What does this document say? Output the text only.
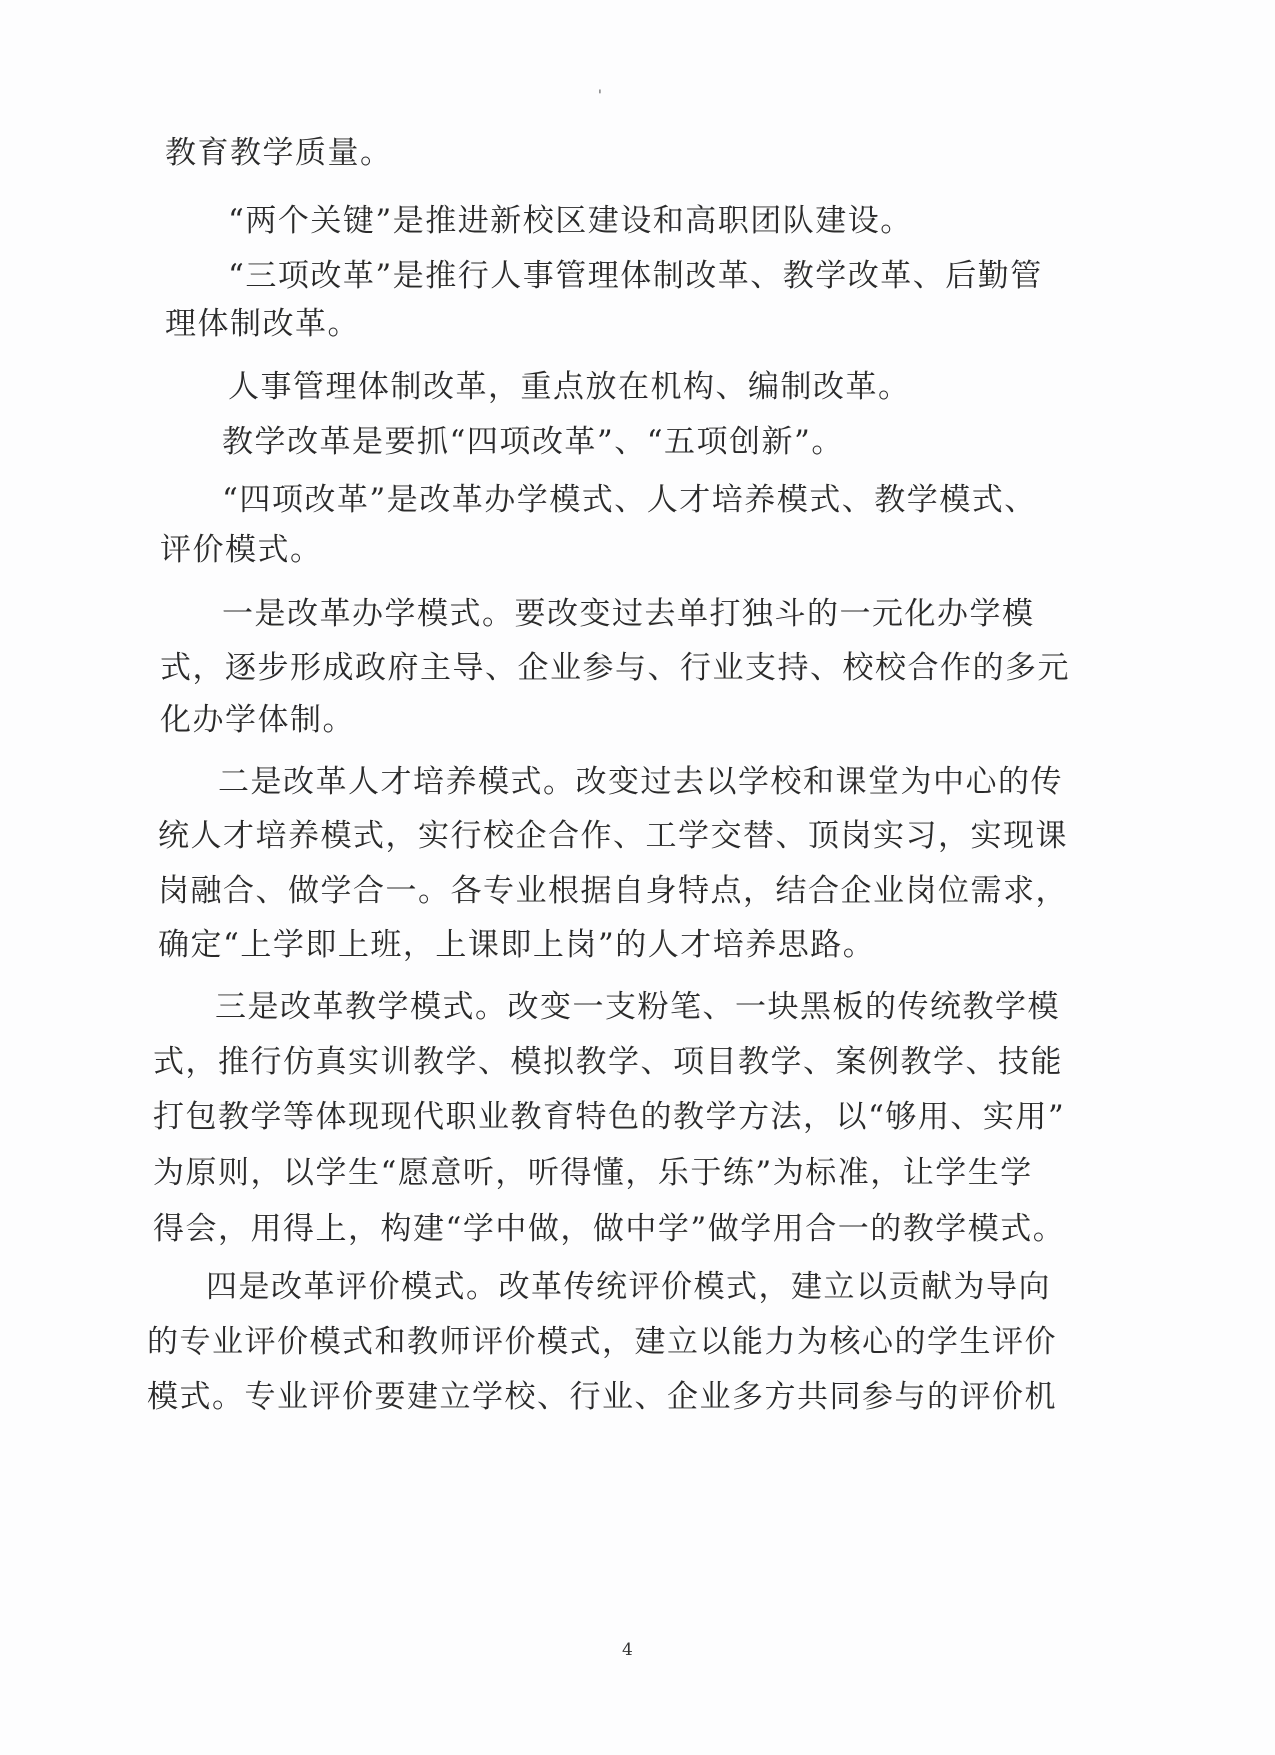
'
教育教学质量。
“两个关键”是推进新校区建设和高职团队建设。
“三项改革”是推行人事管理体制改革、教学改革、后勤管
理体制改革。
人事管理体制改革，重点放在机构、编制改革。
教学改革是要抓“四项改革”、“五项创新”。
“四项改革”是改革办学模式、人才培养模式、教学模式、
评价模式。
一是改革办学模式。要改变过去单打独斗的一元化办学模
式，逐步形成政府主导、企业参与、行业支持、校校合作的多元
化办学体制。
二是改革人才培养模式。改变过去以学校和课堂为中心的传
统人才培养模式，实行校企合作、工学交替、顶岗实习，实现课
岗融合、做学合一。各专业根据自身特点，结合企业岗位需求，
确定“上学即上班，上课即上岗”的人才培养思路。
三是改革教学模式。改变一支粉笔、一块黑板的传统教学模
式，推行仿真实训教学、模拟教学、项目教学、案例教学、技能
打包教学等体现现代职业教育特色的教学方法，以“够用、实用”
为原则，以学生“愿意听，听得懂，乐于练”为标准，让学生学
得会，用得上，构建“学中做，做中学”做学用合一的教学模式。
四是改革评价模式。改革传统评价模式，建立以贡献为导向
的专业评价模式和教师评价模式，建立以能力为核心的学生评价
模式。专业评价要建立学校、行业、企业多方共同参与的评价机
4
